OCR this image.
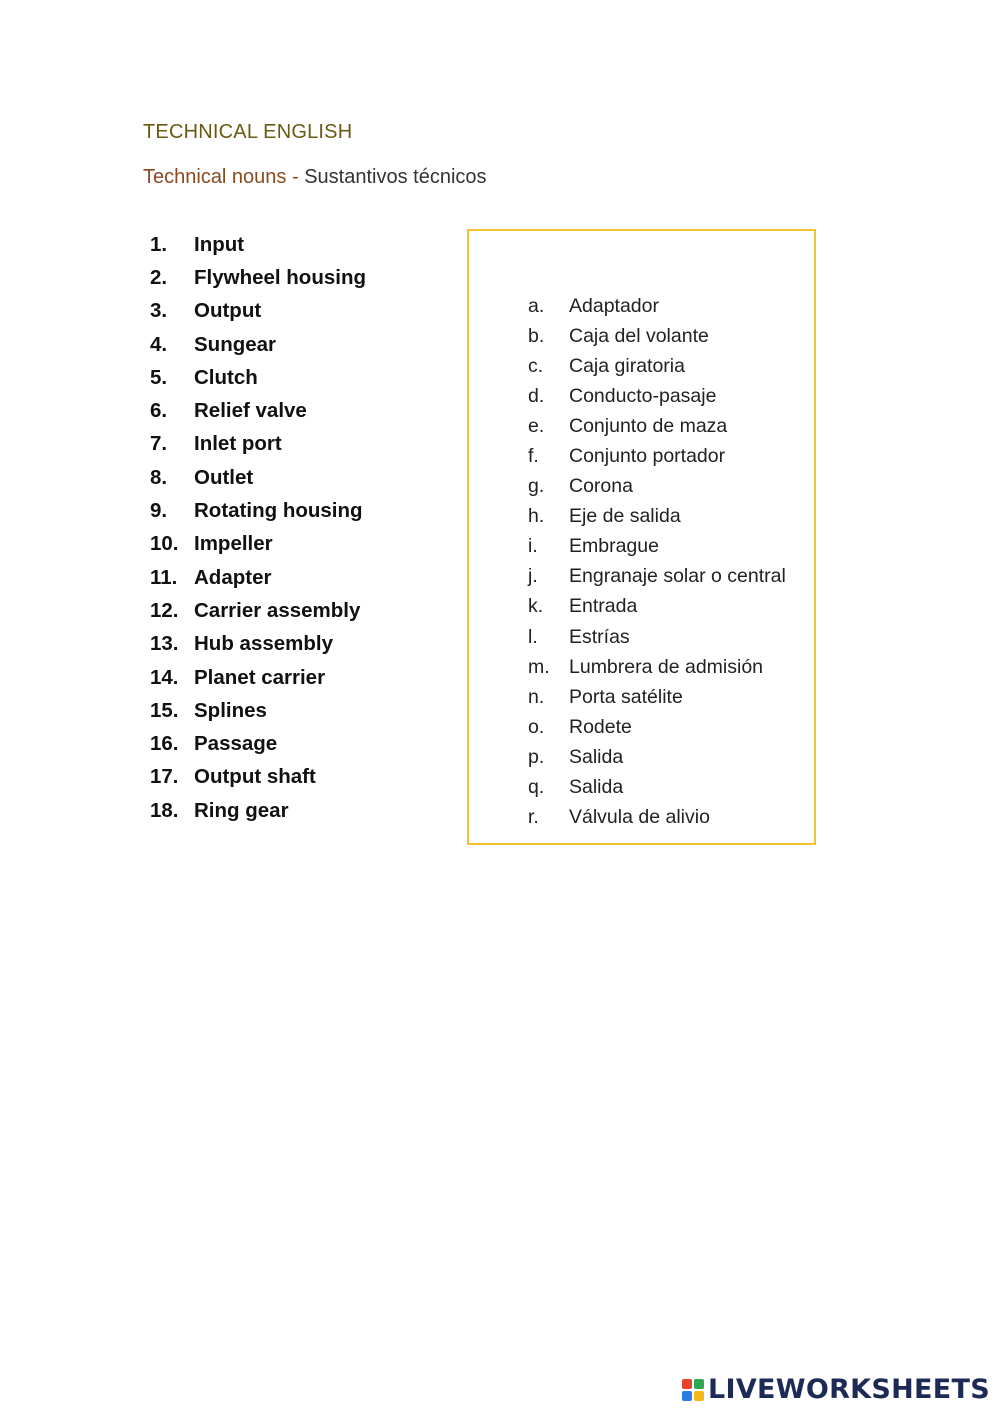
TECHNICAL ENGLISH
Technical nouns - Sustantivos técnicos
1.	Input
2.	Flywheel housing
3.	Output
4.	Sungear
5.	Clutch
6.	Relief valve
7.	Inlet port
8.	Outlet
9.	Rotating housing
10. Impeller
11. Adapter
12. Carrier assembly
13. Hub assembly
14. Planet carrier
15. Splines
16. Passage
17. Output shaft
18. Ring gear
a.	Adaptador
b.	Caja del volante
c.	Caja giratoria
d.	Conducto-pasaje
e.	Conjunto de maza
f.	Conjunto portador
g.	Corona
h.	Eje de salida
i.	Embrague
j.	Engranaje solar o central
k.	Entrada
l.	Estrías
m. Lumbrera de admisión
n.	Porta satélite
o.	Rodete
p.	Salida
q.	Salida
r.	Válvula de alivio
LIVEWORKSHEETS
